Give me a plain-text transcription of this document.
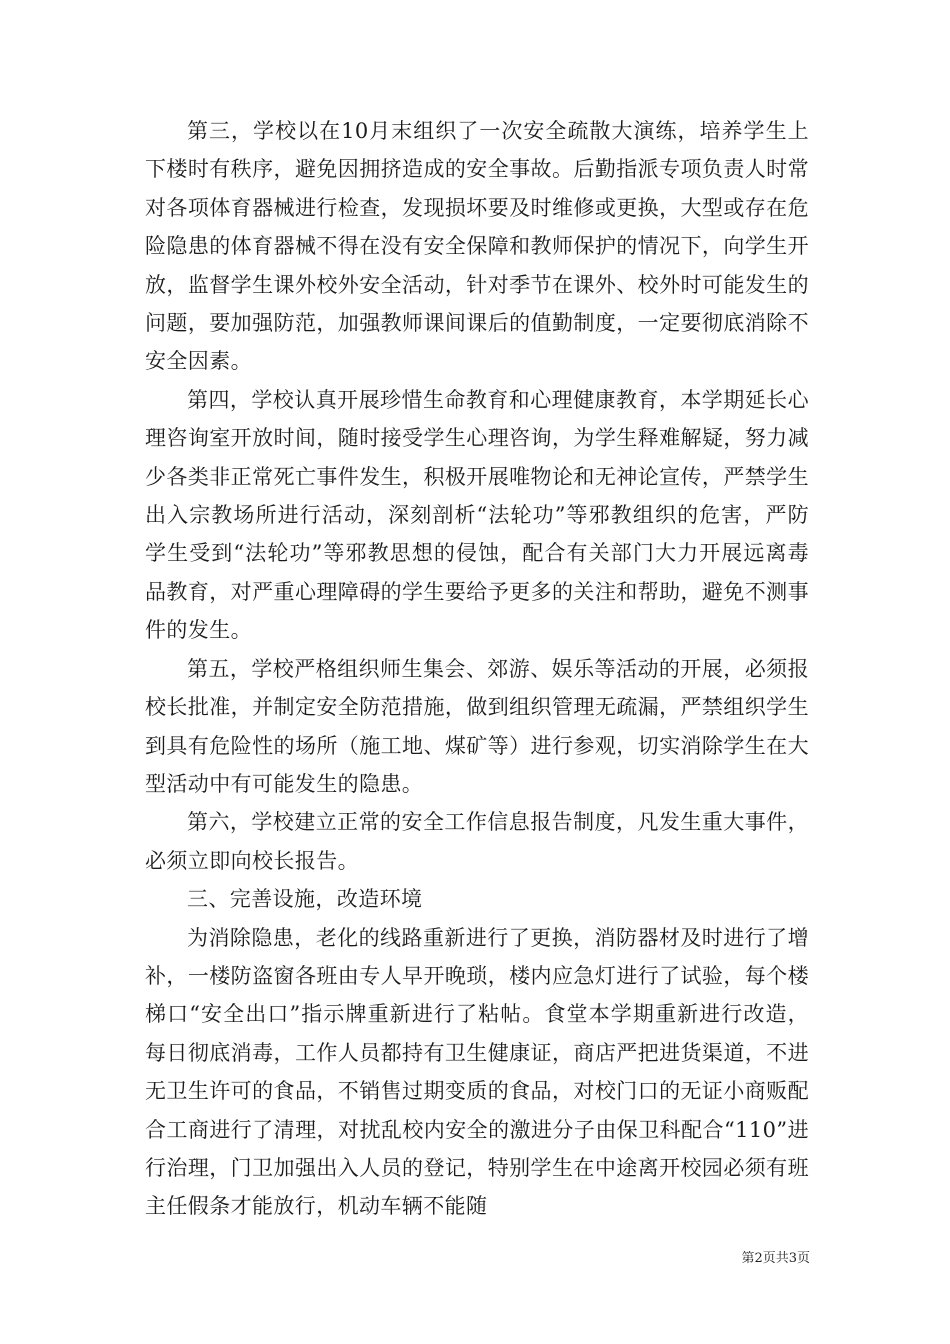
第三，学校以在10月末组织了一次安全疏散大演练，培养学生上下楼时有秩序，避免因拥挤造成的安全事故。后勤指派专项负责人时常对各项体育器械进行检查，发现损坏要及时维修或更换，大型或存在危险隐患的体育器械不得在没有安全保障和教师保护的情况下，向学生开放，监督学生课外校外安全活动，针对季节在课外、校外时可能发生的问题，要加强防范，加强教师课间课后的值勤制度，一定要彻底消除不安全因素。

第四，学校认真开展珍惜生命教育和心理健康教育，本学期延长心理咨询室开放时间，随时接受学生心理咨询，为学生释难解疑，努力减少各类非正常死亡事件发生，积极开展唯物论和无神论宣传，严禁学生出入宗教场所进行活动，深刻剖析“法轮功”等邪教组织的危害，严防学生受到“法轮功”等邪教思想的侵蚀，配合有关部门大力开展远离毒品教育，对严重心理障碍的学生要给予更多的关注和帮助，避免不测事件的发生。

第五，学校严格组织师生集会、郊游、娱乐等活动的开展，必须报校长批准，并制定安全防范措施，做到组织管理无疏漏，严禁组织学生到具有危险性的场所（施工地、煤矿等）进行参观，切实消除学生在大型活动中有可能发生的隐患。

第六，学校建立正常的安全工作信息报告制度，凡发生重大事件，必须立即向校长报告。

三、完善设施，改造环境

为消除隐患，老化的线路重新进行了更换，消防器材及时进行了增补，一楼防盗窗各班由专人早开晚琐，楼内应急灯进行了试验，每个楼梯口“安全出口”指示牌重新进行了粘帖。食堂本学期重新进行改造，每日彻底消毒，工作人员都持有卫生健康证，商店严把进货渠道，不进无卫生许可的食品，不销售过期变质的食品，对校门口的无证小商贩配合工商进行了清理，对扰乱校内安全的激进分子由保卫科配合“110”进行治理，门卫加强出入人员的登记，特别学生在中途离开校园必须有班主任假条才能放行，机动车辆不能随

第2页共3页
